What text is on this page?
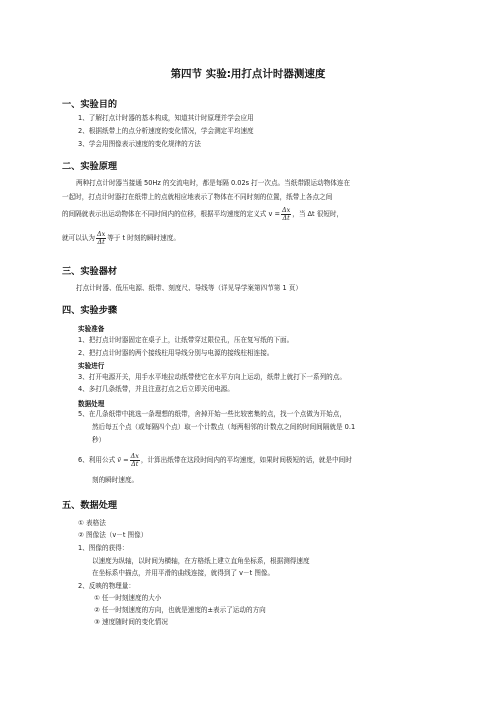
第四节 实验:用打点计时器测速度
一、实验目的
1、了解打点计时器的基本构成，知道其计时原理并学会应用
2、根据纸带上的点分析速度的变化情况，学会测定平均速度
3、学会用图像表示速度的变化规律的方法
二、实验原理
两种打点计时器当接通 50Hz 的交流电时，都是每隔 0.02s 打一次点。当纸带跟运动物体连在
一起时，打点计时器打在纸带上的点就相应地表示了物体在不同时刻的位置，纸带上各点之间
的间隔就表示出运动物体在不同时间内的位移，根据平均速度的定义式 $v = \frac{\Delta x}{\Delta t}$ ，当 Δt 很短时，
就可以认为 $\frac{\Delta x}{\Delta t}$ 等于 t 时刻的瞬时速度。
三、实验器材
打点计时器、低压电源、纸带、刻度尺、导线等（详见导学案第四节第 1 页）
四、实验步骤
实验准备
1、把打点计时器固定在桌子上，让纸带穿过限位孔，压在复写纸的下面。
2、把打点计时器的两个接线柱用导线分别与电源的接线柱相连接。
实验进行
3、打开电源开关，用手水平地拉动纸带使它在水平方向上运动，纸带上就打下一系列的点。
4、多打几条纸带，并且注意打点之后立即关闭电源。
数据处理
5、在几条纸带中挑选一条理想的纸带，舍掉开始一些比较密集的点，找一个点做为开始点，
然后每五个点（或每隔四个点）取一个计数点（每两相邻的计数点之间的时间间隔就是 0.1
秒）
6、利用公式 v̄ = $\frac{\Delta x}{\Delta t}$ ，计算出纸带在这段时间内的平均速度，如果时间极短的话，就是中间时
刻的瞬时速度。
五、数据处理
① 表格法
② 图像法（v－t 图像）
1、图像的获得：
以速度为纵轴，以时间为横轴，在方格纸上建立直角坐标系，根据测得速度
在坐标系中描点，并用平滑的曲线连接，就得到了 v－t 图像。
2、反映的物理量：
① 任一时刻速度的大小
② 任一时刻速度的方向，也就是速度的±表示了运动的方向
③ 速度随时间的变化情况
